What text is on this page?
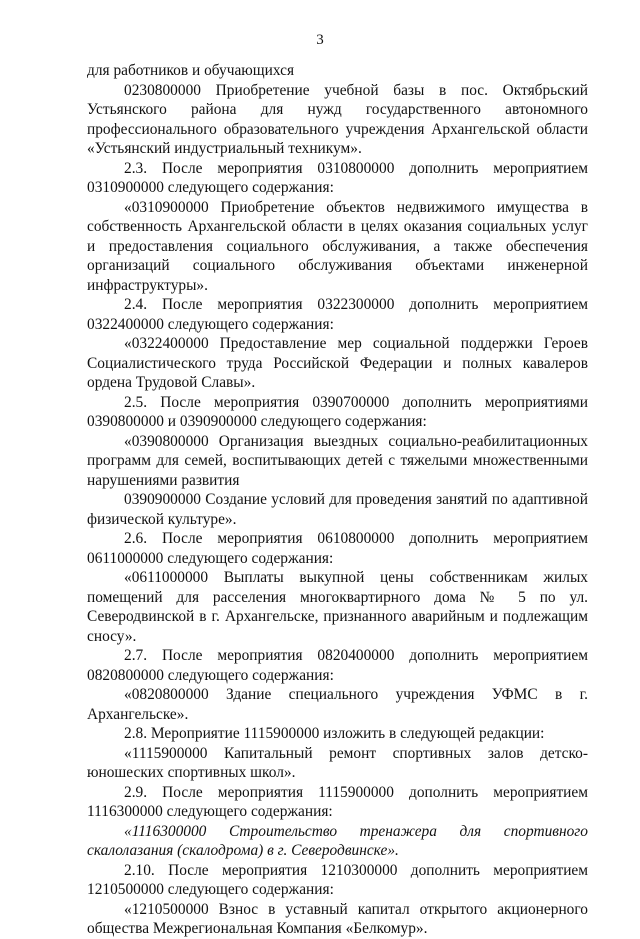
3

для работников и обучающихся

0230800000 Приобретение учебной базы в пос. Октябрьский Устьянского района для нужд государственного автономного профессионального образовательного учреждения Архангельской области «Устьянский индустриальный техникум».

2.3. После мероприятия 0310800000 дополнить мероприятием 0310900000 следующего содержания:

«0310900000 Приобретение объектов недвижимого имущества в собственность Архангельской области в целях оказания социальных услуг и предоставления социального обслуживания, а также обеспечения организаций социального обслуживания объектами инженерной инфраструктуры».

2.4. После мероприятия 0322300000 дополнить мероприятием 0322400000 следующего содержания:

«0322400000 Предоставление мер социальной поддержки Героев Социалистического труда Российской Федерации и полных кавалеров ордена Трудовой Славы».

2.5. После мероприятия 0390700000 дополнить мероприятиями 0390800000 и 0390900000 следующего содержания:

«0390800000 Организация выездных социально-реабилитационных программ для семей, воспитывающих детей с тяжелыми множественными нарушениями развития

0390900000 Создание условий для проведения занятий по адаптивной физической культуре».

2.6. После мероприятия 0610800000 дополнить мероприятием 0611000000 следующего содержания:

«0611000000 Выплаты выкупной цены собственникам жилых помещений для расселения многоквартирного дома № 5 по ул. Северодвинской в г. Архангельске, признанного аварийным и подлежащим сносу».

2.7. После мероприятия 0820400000 дополнить мероприятием 0820800000 следующего содержания:

«0820800000 Здание специального учреждения УФМС в г. Архангельске».

2.8. Мероприятие 1115900000 изложить в следующей редакции:

«1115900000 Капитальный ремонт спортивных залов детско-юношеских спортивных школ».

2.9. После мероприятия 1115900000 дополнить мероприятием 1116300000 следующего содержания:

«1116300000 Строительство тренажера для спортивного скалолазания (скалодрома) в г. Северодвинске».

2.10. После мероприятия 1210300000 дополнить мероприятием 1210500000 следующего содержания:

«1210500000 Взнос в уставный капитал открытого акционерного общества Межрегиональная Компания «Белкомур».
